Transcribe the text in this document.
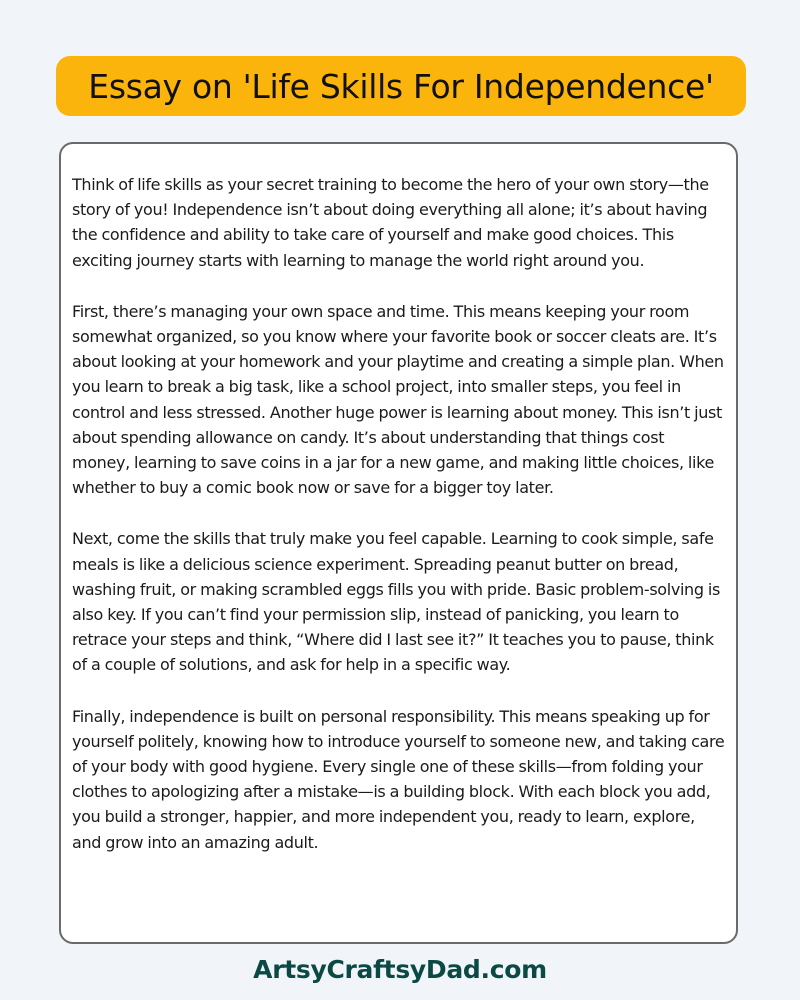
Essay on 'Life Skills For Independence'

Think of life skills as your secret training to become the hero of your own story—the story of you! Independence isn’t about doing everything all alone; it’s about having the confidence and ability to take care of yourself and make good choices. This exciting journey starts with learning to manage the world right around you.

First, there’s managing your own space and time. This means keeping your room somewhat organized, so you know where your favorite book or soccer cleats are. It’s about looking at your homework and your playtime and creating a simple plan. When you learn to break a big task, like a school project, into smaller steps, you feel in control and less stressed. Another huge power is learning about money. This isn’t just about spending allowance on candy. It’s about understanding that things cost money, learning to save coins in a jar for a new game, and making little choices, like whether to buy a comic book now or save for a bigger toy later.

Next, come the skills that truly make you feel capable. Learning to cook simple, safe meals is like a delicious science experiment. Spreading peanut butter on bread, washing fruit, or making scrambled eggs fills you with pride. Basic problem-solving is also key. If you can’t find your permission slip, instead of panicking, you learn to retrace your steps and think, “Where did I last see it?” It teaches you to pause, think of a couple of solutions, and ask for help in a specific way.

Finally, independence is built on personal responsibility. This means speaking up for yourself politely, knowing how to introduce yourself to someone new, and taking care of your body with good hygiene. Every single one of these skills—from folding your clothes to apologizing after a mistake—is a building block. With each block you add, you build a stronger, happier, and more independent you, ready to learn, explore, and grow into an amazing adult.

ArtsyCraftsyDad.com
